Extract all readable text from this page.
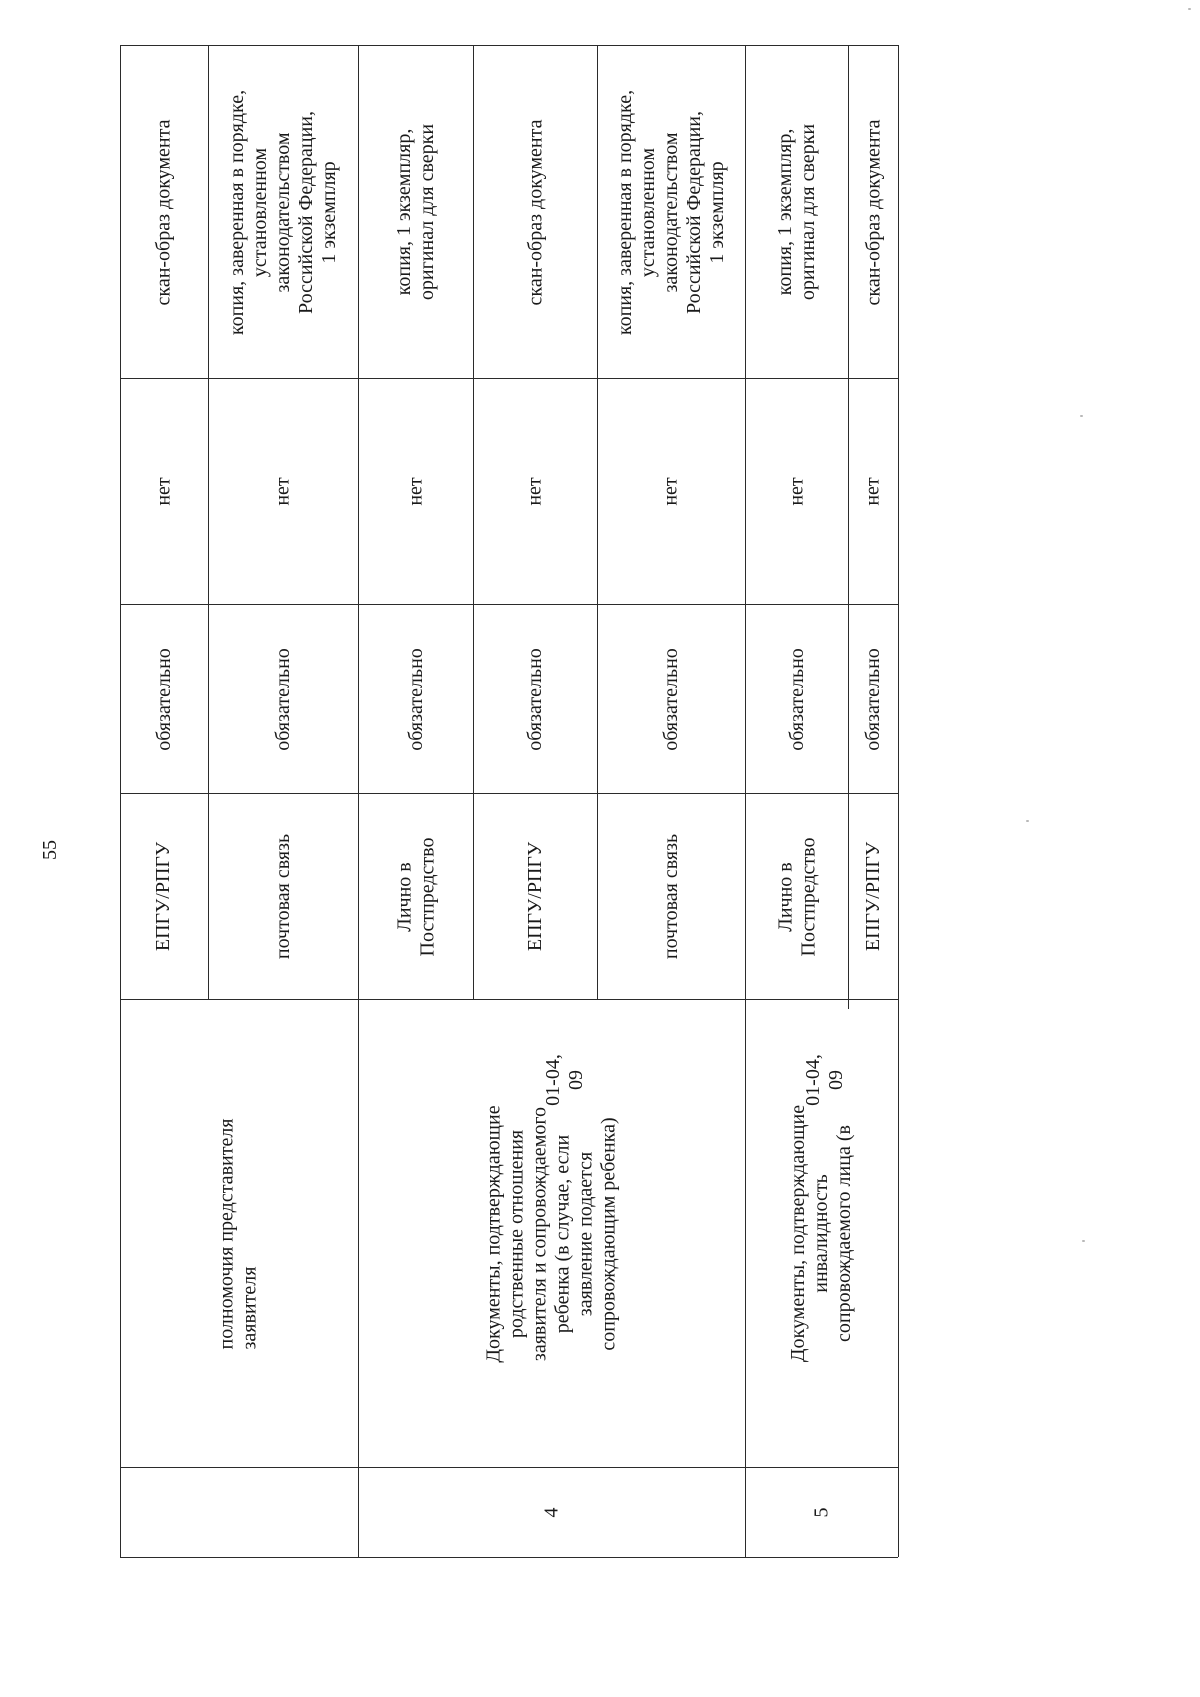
55
полномочия представителя заявителя
ЕПГУ/РПГУ
обязательно
нет
скан-образ документа
почтовая связь
обязательно
нет
копия, заверенная в порядке, установленном законодательством Российской Федерации, 1 экземпляр
4
Документы, подтверждающие родственные отношения заявителя и сопровождаемого ребенка (в случае, если заявление подается сопровождающим ребенка)
Лично в Постпредство
обязательно
нет
копия, 1 экземпляр, оригинал для сверки
ЕПГУ/РПГУ
обязательно
нет
скан-образ документа
почтовая связь
обязательно
нет
копия, заверенная в порядке, установленном законодательством Российской Федерации, 1 экземпляр
5
Документы, подтверждающие инвалидность сопровождаемого лица (в
Лично в Постпредство
обязательно
нет
копия, 1 экземпляр, оригинал для сверки
ЕПГУ/РПГУ
обязательно
нет
скан-образ документа
01-04, 09	01-04, 09
